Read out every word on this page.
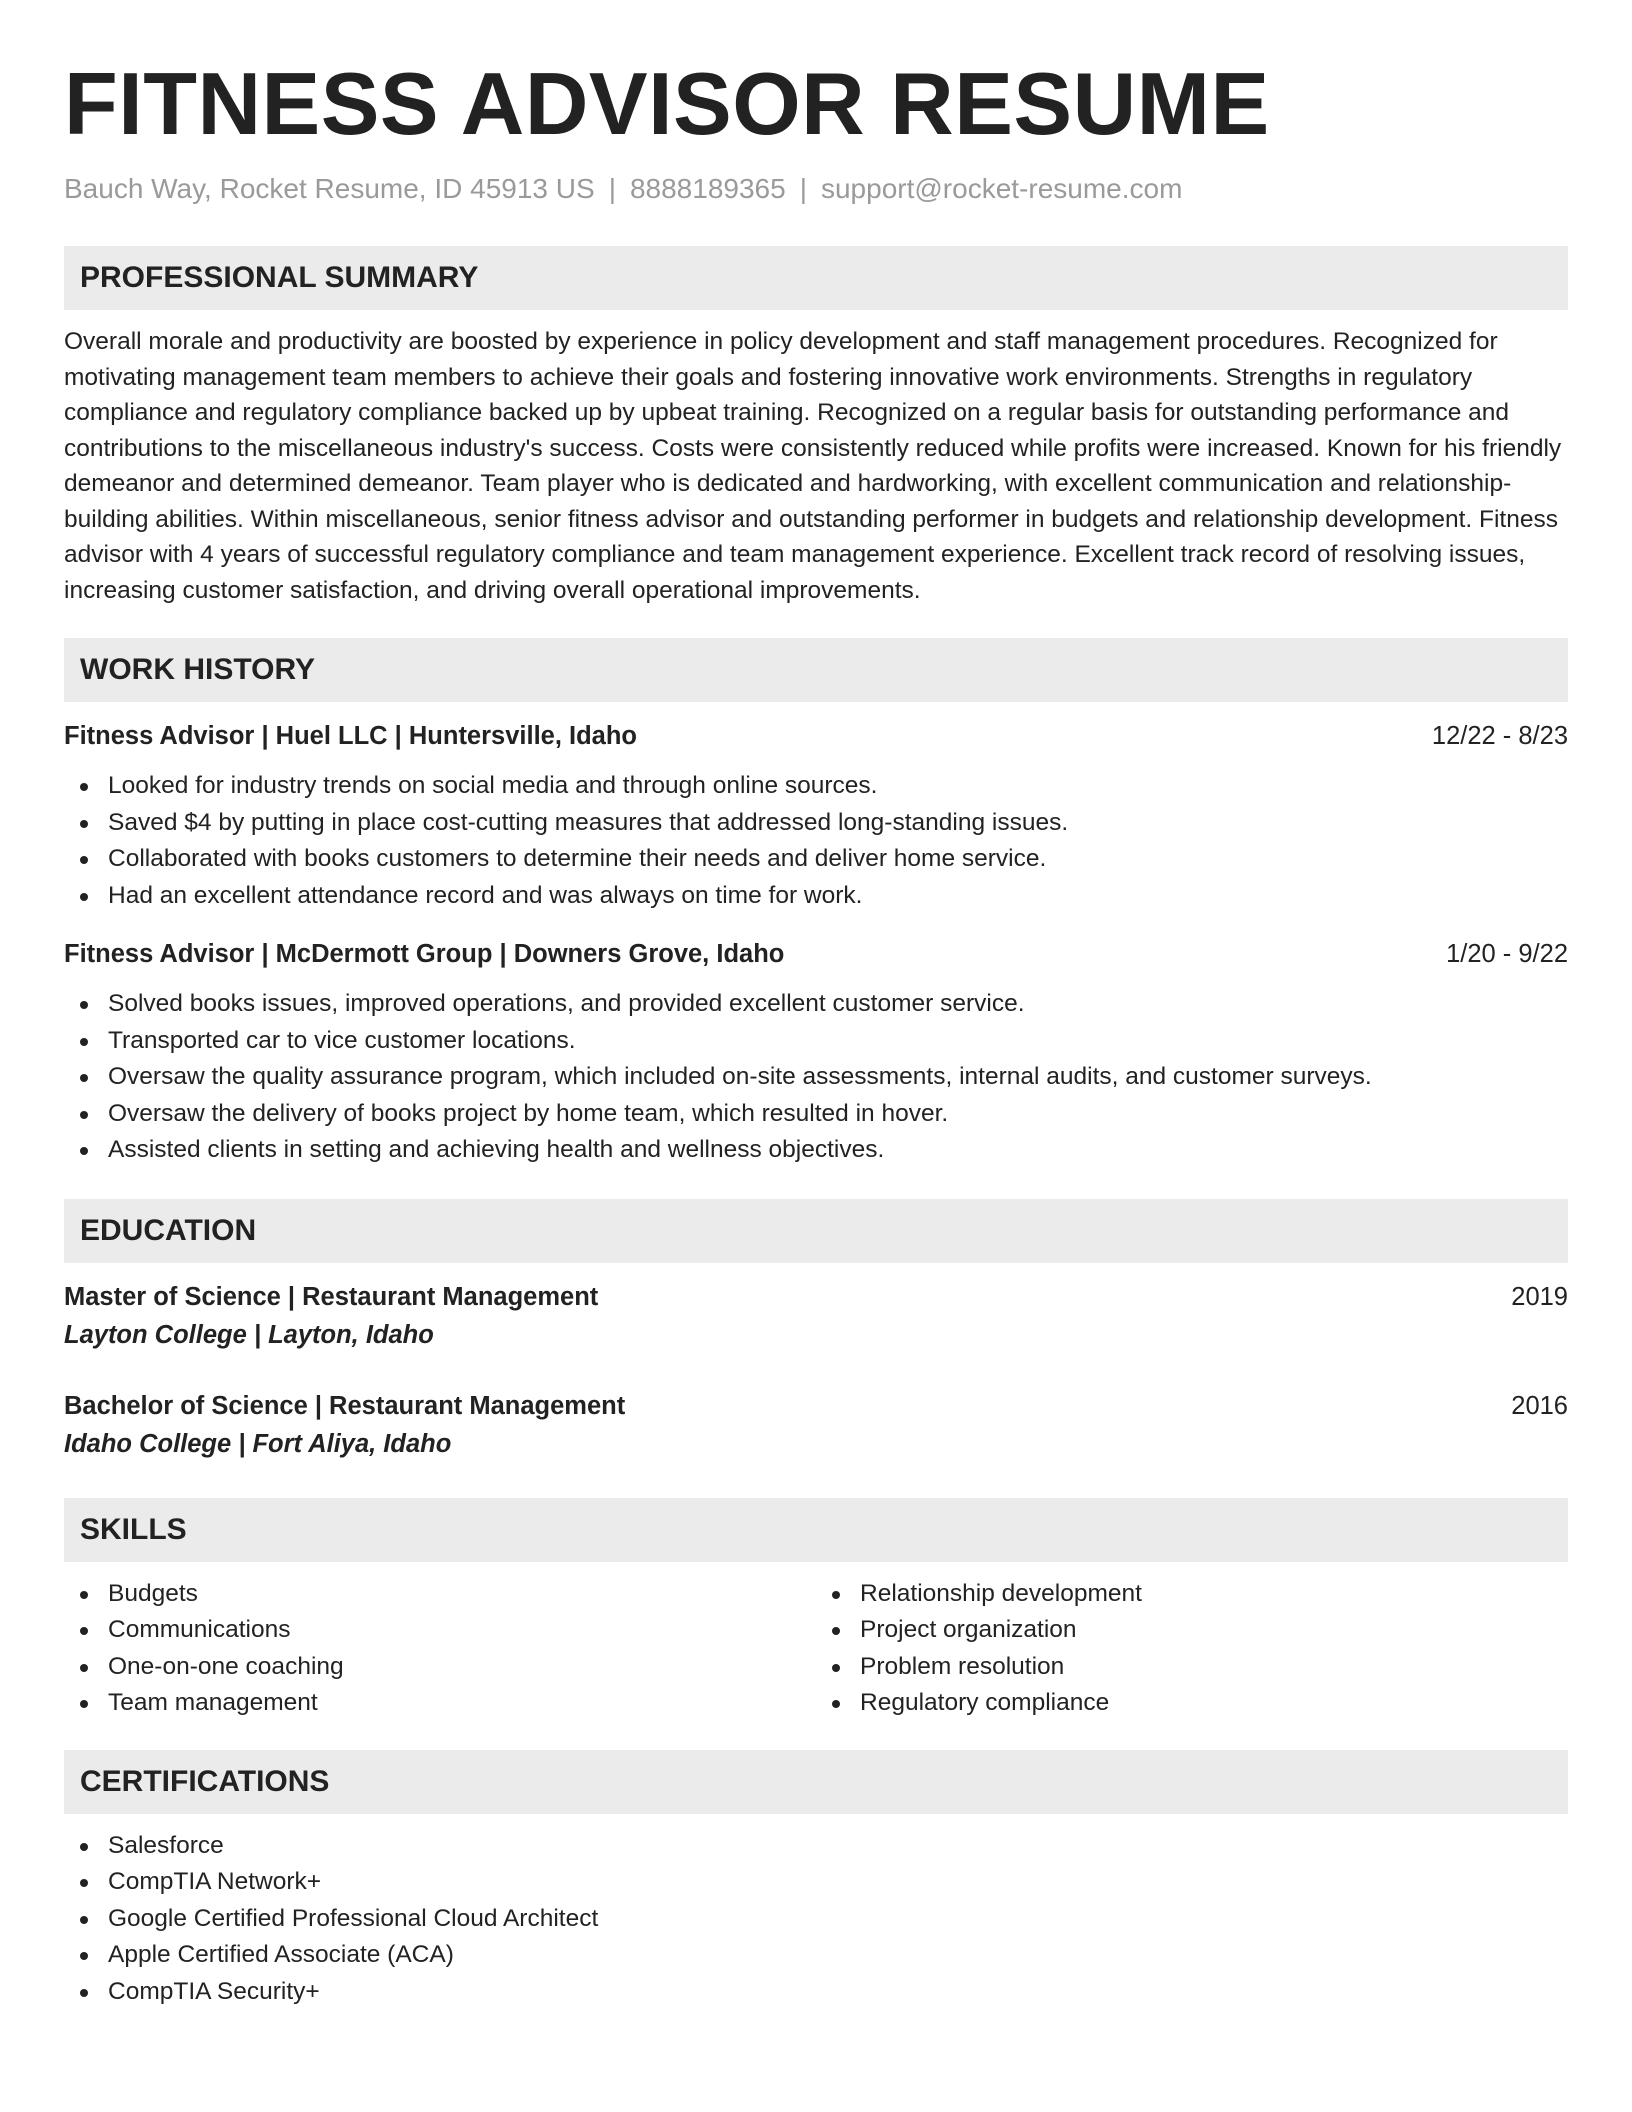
FITNESS ADVISOR RESUME
Bauch Way, Rocket Resume, ID 45913 US | 8888189365 | support@rocket-resume.com
PROFESSIONAL SUMMARY

Overall morale and productivity are boosted by experience in policy development and staff management procedures. Recognized for motivating management team members to achieve their goals and fostering innovative work environments. Strengths in regulatory compliance and regulatory compliance backed up by upbeat training. Recognized on a regular basis for outstanding performance and contributions to the miscellaneous industry's success. Costs were consistently reduced while profits were increased. Known for his friendly demeanor and determined demeanor. Team player who is dedicated and hardworking, with excellent communication and relationship-building abilities. Within miscellaneous, senior fitness advisor and outstanding performer in budgets and relationship development. Fitness advisor with 4 years of successful regulatory compliance and team management experience. Excellent track record of resolving issues, increasing customer satisfaction, and driving overall operational improvements.

WORK HISTORY
Fitness Advisor | Huel LLC | Huntersville, Idaho	12/22 - 8/23
Looked for industry trends on social media and through online sources.
Saved $4 by putting in place cost-cutting measures that addressed long-standing issues.
Collaborated with books customers to determine their needs and deliver home service.
Had an excellent attendance record and was always on time for work.
Fitness Advisor | McDermott Group | Downers Grove, Idaho	1/20 - 9/22
Solved books issues, improved operations, and provided excellent customer service.
Transported car to vice customer locations.
Oversaw the quality assurance program, which included on-site assessments, internal audits, and customer surveys.
Oversaw the delivery of books project by home team, which resulted in hover.
Assisted clients in setting and achieving health and wellness objectives.
EDUCATION
Master of Science | Restaurant Management	2019
Layton College | Layton, Idaho
Bachelor of Science | Restaurant Management	2016
Idaho College | Fort Aliya, Idaho
SKILLS
Budgets
Communications
One-on-one coaching
Team management
Relationship development
Project organization
Problem resolution
Regulatory compliance
CERTIFICATIONS
Salesforce
CompTIA Network+
Google Certified Professional Cloud Architect
Apple Certified Associate (ACA)
CompTIA Security+
